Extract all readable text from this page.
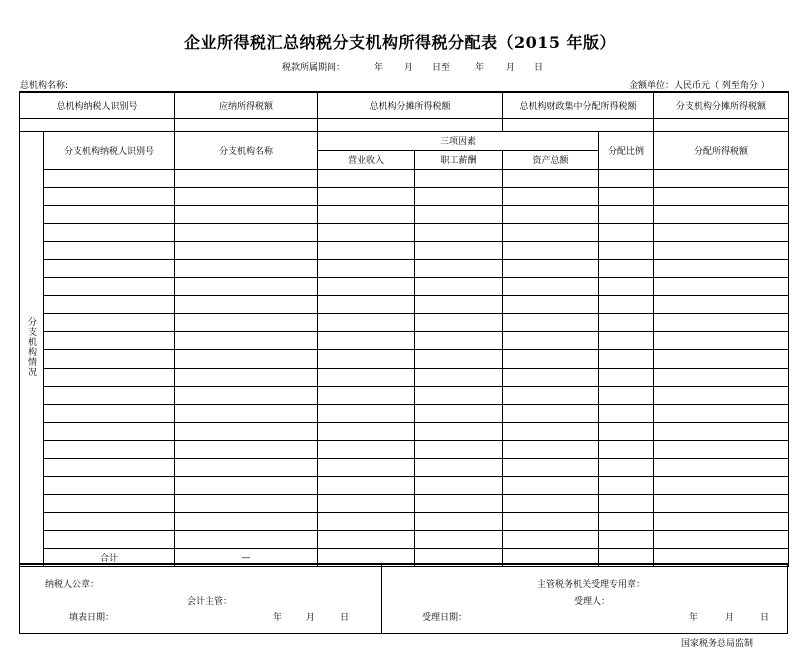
企业所得税汇总纳税分支机构所得税分配表（2015 年版）
税款所属期间：	年 月 日至	年 月 日
总机构名称:	金额单位：人民币元（ 列至角分 ）
总机构纳税人识别号		应纳所得税额	总机构分摊所得税额		总机构财政集中分配所得税额		分支机构分摊所得税额

分支机构情况	分支机构纳税人识别号	分支机构名称	三项因素			分配比例	分配所得税额
			营业收入	职工薪酬	资产总额		

	合计	—					
纳税人公章：
会计主管：
填表日期：	年	月	日
主管税务机关受理专用章：
受理人：
受理日期：	年	月	日
国家税务总局监制
